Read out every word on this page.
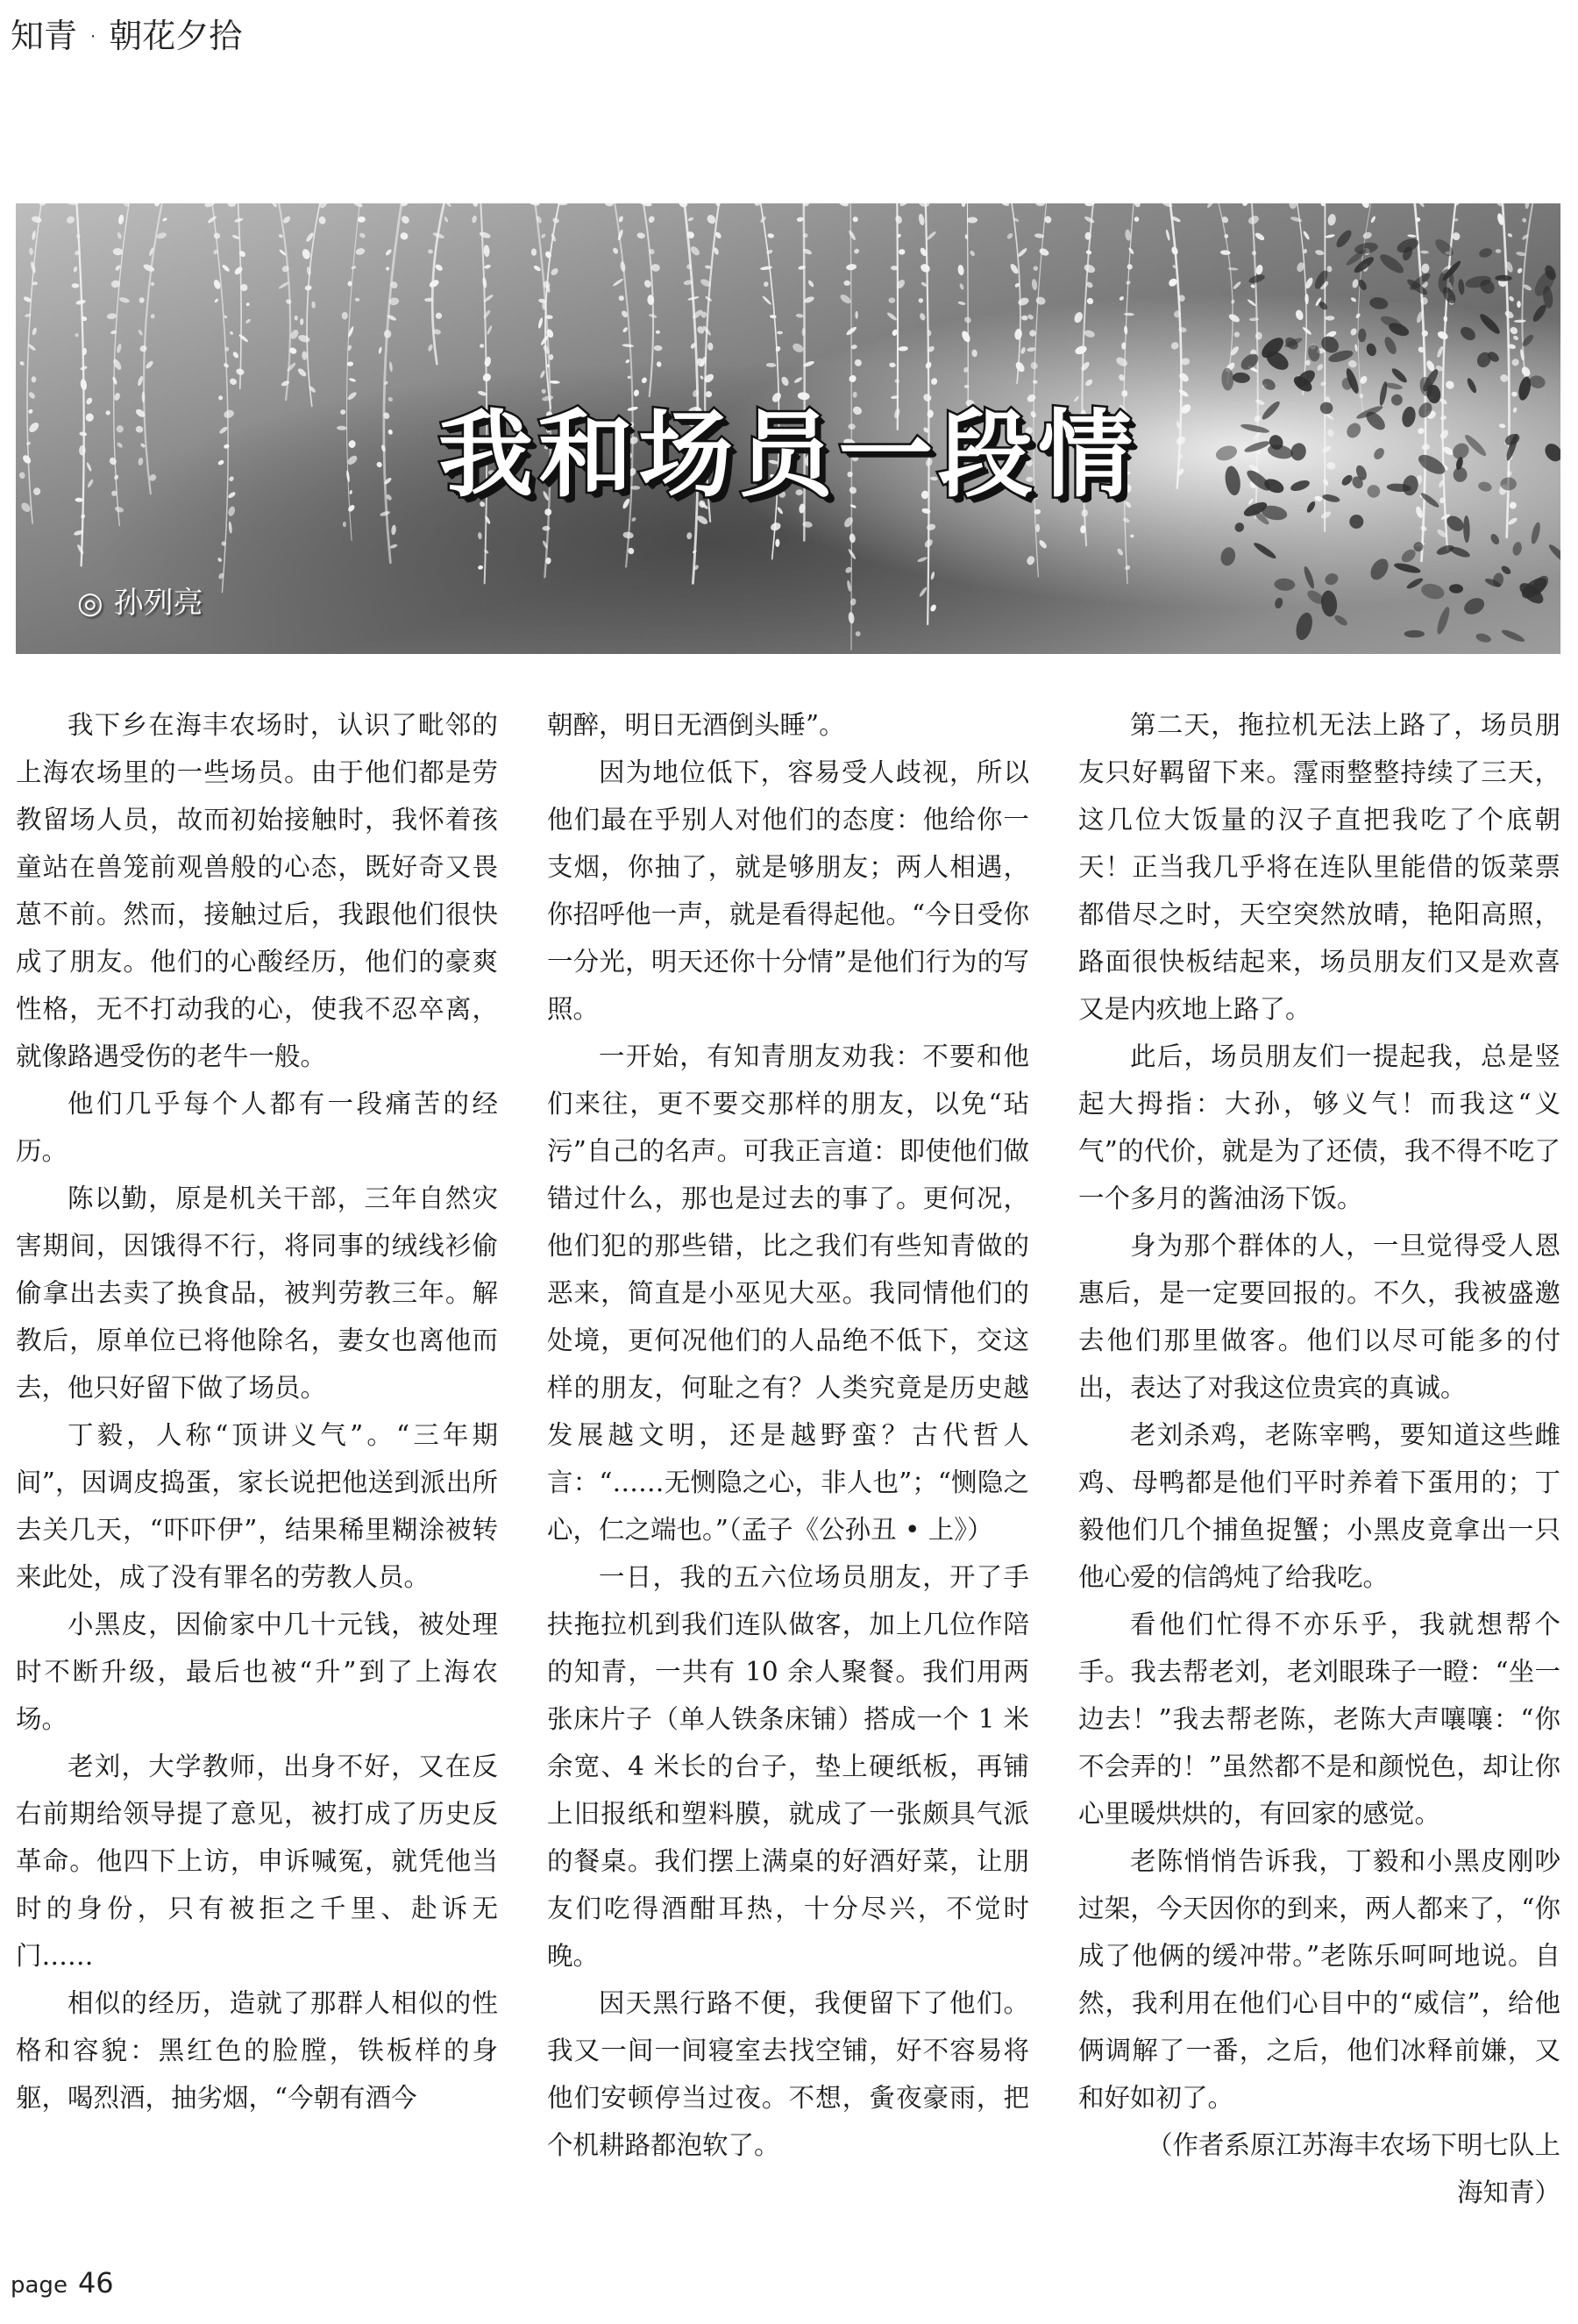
知青 · 朝花夕拾
我和场员一段情
◎ 孙列亮

我下乡在海丰农场时，认识了毗邻的上海农场里的一些场员。由于他们都是劳教留场人员，故而初始接触时，我怀着孩童站在兽笼前观兽般的心态，既好奇又畏葸不前。然而，接触过后，我跟他们很快成了朋友。他们的心酸经历，他们的豪爽性格，无不打动我的心，使我不忍卒离，就像路遇受伤的老牛一般。

他们几乎每个人都有一段痛苦的经历。

陈以勤，原是机关干部，三年自然灾害期间，因饿得不行，将同事的绒线衫偷偷拿出去卖了换食品，被判劳教三年。解教后，原单位已将他除名，妻女也离他而去，他只好留下做了场员。

丁毅，人称“顶讲义气”。“三年期间”，因调皮捣蛋，家长说把他送到派出所去关几天，“吓吓伊”，结果稀里糊涂被转来此处，成了没有罪名的劳教人员。

小黑皮，因偷家中几十元钱，被处理时不断升级，最后也被“升”到了上海农场。

老刘，大学教师，出身不好，又在反右前期给领导提了意见，被打成了历史反革命。他四下上访，申诉喊冤，就凭他当时的身份，只有被拒之千里、赴诉无门……

相似的经历，造就了那群人相似的性格和容貌：黑红色的脸膛，铁板样的身躯，喝烈酒，抽劣烟，“今朝有酒今

朝醉，明日无酒倒头睡”。

因为地位低下，容易受人歧视，所以他们最在乎别人对他们的态度：他给你一支烟，你抽了，就是够朋友；两人相遇，你招呼他一声，就是看得起他。“今日受你一分光，明天还你十分情”是他们行为的写照。

一开始，有知青朋友劝我：不要和他们来往，更不要交那样的朋友，以免“玷污”自己的名声。可我正言道：即使他们做错过什么，那也是过去的事了。更何况，他们犯的那些错，比之我们有些知青做的恶来，简直是小巫见大巫。我同情他们的处境，更何况他们的人品绝不低下，交这样的朋友，何耻之有？人类究竟是历史越发展越文明，还是越野蛮？古代哲人言：“……无恻隐之心，非人也”；“恻隐之心，仁之端也。”（孟子《公孙丑 • 上》）

一日，我的五六位场员朋友，开了手扶拖拉机到我们连队做客，加上几位作陪的知青，一共有 10 余人聚餐。我们用两张床片子（单人铁条床铺）搭成一个 1 米余宽、4 米长的台子，垫上硬纸板，再铺上旧报纸和塑料膜，就成了一张颇具气派的餐桌。我们摆上满桌的好酒好菜，让朋友们吃得酒酣耳热，十分尽兴，不觉时晚。

因天黑行路不便，我便留下了他们。我又一间一间寝室去找空铺，好不容易将他们安顿停当过夜。不想，夤夜豪雨，把个机耕路都泡软了。

第二天，拖拉机无法上路了，场员朋友只好羁留下来。霪雨整整持续了三天，这几位大饭量的汉子直把我吃了个底朝天！正当我几乎将在连队里能借的饭菜票都借尽之时，天空突然放晴，艳阳高照，路面很快板结起来，场员朋友们又是欢喜又是内疚地上路了。

此后，场员朋友们一提起我，总是竖起大拇指：大孙，够义气！而我这“义气”的代价，就是为了还债，我不得不吃了一个多月的酱油汤下饭。

身为那个群体的人，一旦觉得受人恩惠后，是一定要回报的。不久，我被盛邀去他们那里做客。他们以尽可能多的付出，表达了对我这位贵宾的真诚。

老刘杀鸡，老陈宰鸭，要知道这些雌鸡、母鸭都是他们平时养着下蛋用的；丁毅他们几个捕鱼捉蟹；小黑皮竟拿出一只他心爱的信鸽炖了给我吃。

看他们忙得不亦乐乎，我就想帮个手。我去帮老刘，老刘眼珠子一瞪：“坐一边去！”我去帮老陈，老陈大声嚷嚷：“你不会弄的！”虽然都不是和颜悦色，却让你心里暖烘烘的，有回家的感觉。

老陈悄悄告诉我，丁毅和小黑皮刚吵过架，今天因你的到来，两人都来了，“你成了他俩的缓冲带。”老陈乐呵呵地说。自然，我利用在他们心目中的“威信”，给他俩调解了一番，之后，他们冰释前嫌，又和好如初了。

（作者系原江苏海丰农场下明七队上海知青）

page 46
